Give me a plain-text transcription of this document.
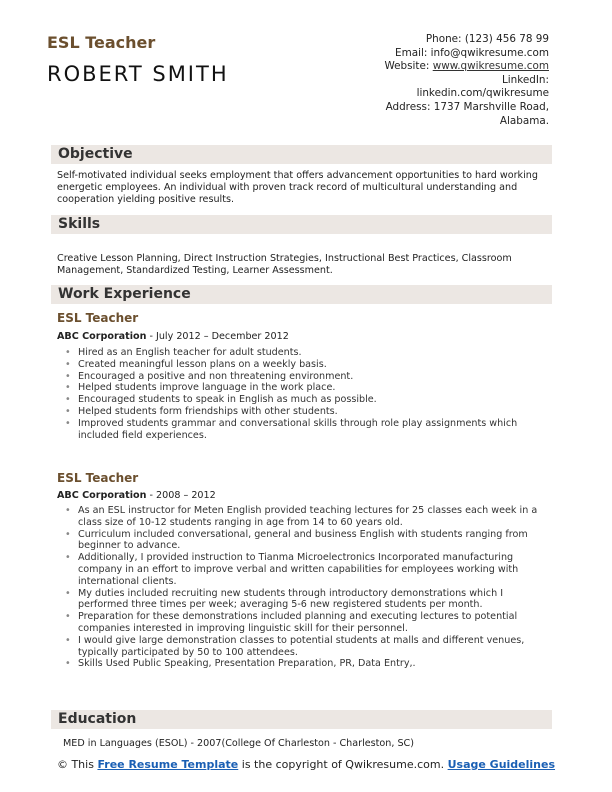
ESL Teacher
ROBERT SMITH
Phone: (123) 456 78 99
Email: info@qwikresume.com
Website: www.qwikresume.com
LinkedIn:
linkedin.com/qwikresume
Address: 1737 Marshville Road,
Alabama.
Objective
Self-motivated individual seeks employment that offers advancement opportunities to hard working energetic employees. An individual with proven track record of multicultural understanding and cooperation yielding positive results.
Skills
Creative Lesson Planning, Direct Instruction Strategies, Instructional Best Practices, Classroom Management, Standardized Testing, Learner Assessment.
Work Experience
ESL Teacher
ABC Corporation - July 2012 – December 2012
• Hired as an English teacher for adult students.
• Created meaningful lesson plans on a weekly basis.
• Encouraged a positive and non threatening environment.
• Helped students improve language in the work place.
• Encouraged students to speak in English as much as possible.
• Helped students form friendships with other students.
• Improved students grammar and conversational skills through role play assignments which included field experiences.
ESL Teacher
ABC Corporation - 2008 – 2012
• As an ESL instructor for Meten English provided teaching lectures for 25 classes each week in a class size of 10-12 students ranging in age from 14 to 60 years old.
• Curriculum included conversational, general and business English with students ranging from beginner to advance.
• Additionally, I provided instruction to Tianma Microelectronics Incorporated manufacturing company in an effort to improve verbal and written capabilities for employees working with international clients.
• My duties included recruiting new students through introductory demonstrations which I performed three times per week; averaging 5-6 new registered students per month.
• Preparation for these demonstrations included planning and executing lectures to potential companies interested in improving linguistic skill for their personnel.
• I would give large demonstration classes to potential students at malls and different venues, typically participated by 50 to 100 attendees.
• Skills Used Public Speaking, Presentation Preparation, PR, Data Entry,.
Education
MED in Languages (ESOL) - 2007(College Of Charleston - Charleston, SC)
© This Free Resume Template is the copyright of Qwikresume.com. Usage Guidelines
